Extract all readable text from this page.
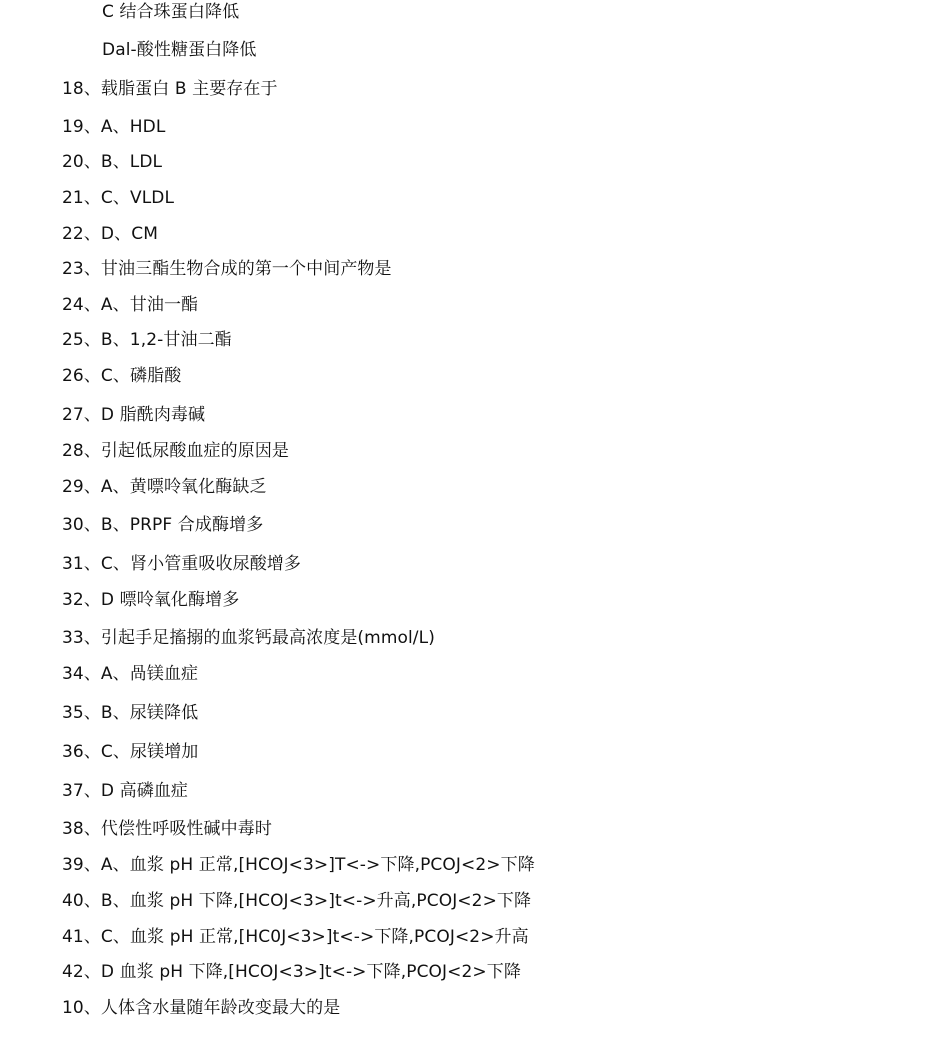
C 结合珠蛋白降低
Dal-酸性糖蛋白降低
18、载脂蛋白 B 主要存在于
19、A、HDL
20、B、LDL
21、C、VLDL
22、D、CM
23、甘油三酯生物合成的第一个中间产物是
24、A、甘油一酯
25、B、1,2-甘油二酯
26、C、磷脂酸
27、D 脂酰肉毒碱
28、引起低尿酸血症的原因是
29、A、黄嘌呤氧化酶缺乏
30、B、PRPF 合成酶增多
31、C、肾小管重吸收尿酸增多
32、D 嘌呤氧化酶增多
33、引起手足搐搦的血浆钙最高浓度是(mmol/L)
34、A、咼镁血症
35、B、尿镁降低
36、C、尿镁增加
37、D 高磷血症
38、代偿性呼吸性碱中毒时
39、A、血浆 pH 正常,[HCOJ<3>]T<->下降,PCOJ<2>下降
40、B、血浆 pH 下降,[HCOJ<3>]t<->升高,PCOJ<2>下降
41、C、血浆 pH 正常,[HC0J<3>]t<->下降,PCOJ<2>升高
42、D 血浆 pH 下降,[HCOJ<3>]t<->下降,PCOJ<2>下降
10、人体含水量随年龄改变最大的是
